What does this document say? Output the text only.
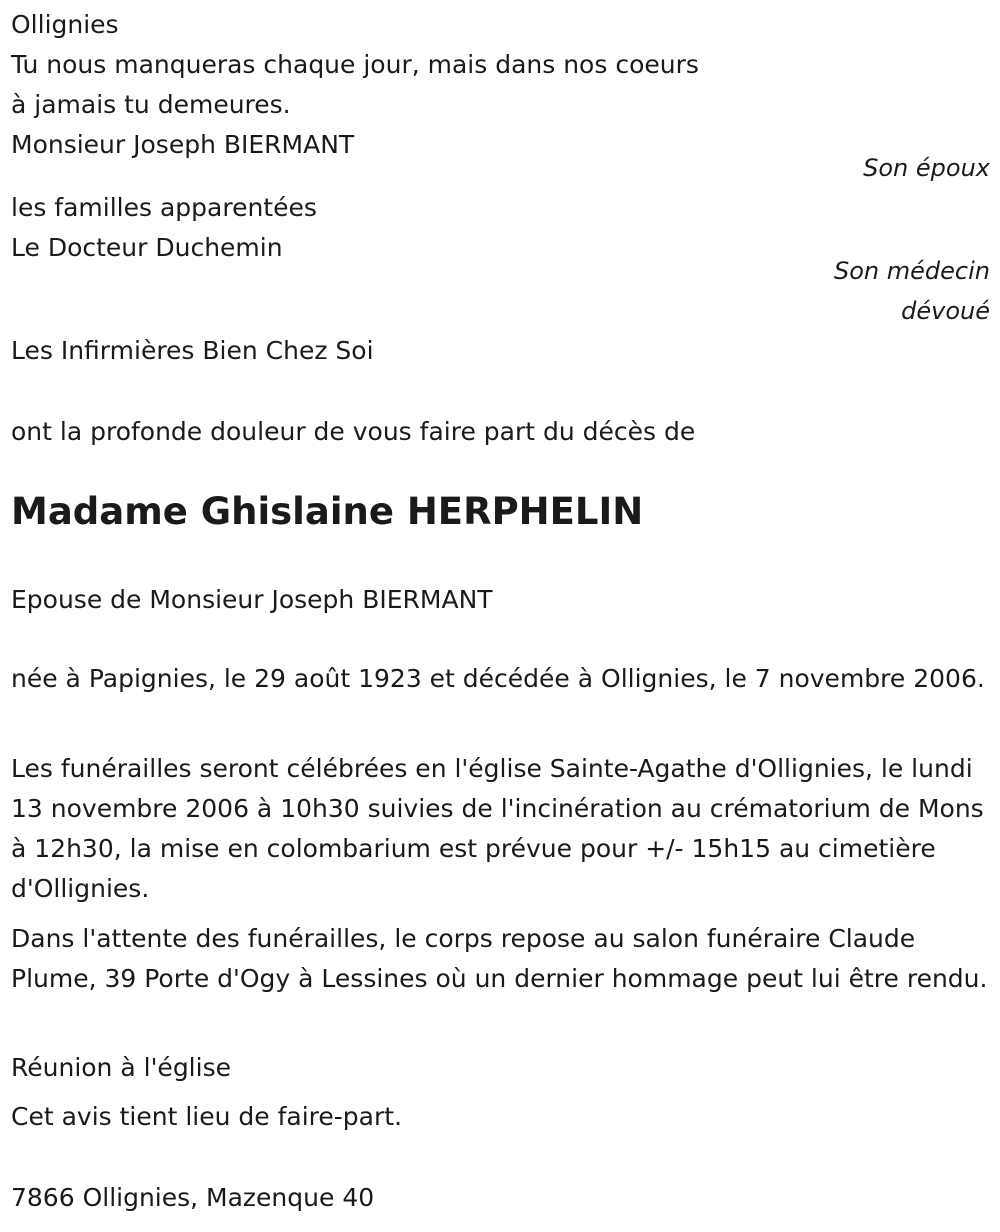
Ollignies
Tu nous manqueras chaque jour, mais dans nos coeurs
à jamais tu demeures.
Monsieur Joseph BIERMANT
Son époux
les familles apparentées
Le Docteur Duchemin
Son médecin
dévoué
Les Infirmières Bien Chez Soi
ont la profonde douleur de vous faire part du décès de
Madame Ghislaine HERPHELIN
Epouse de Monsieur Joseph BIERMANT
née à Papignies, le 29 août 1923 et décédée à Ollignies, le 7 novembre 2006.
Les funérailles seront célébrées en l'église Sainte-Agathe d'Ollignies, le lundi 13 novembre 2006 à 10h30 suivies de l'incinération au crématorium de Mons à 12h30, la mise en colombarium est prévue pour +/- 15h15 au cimetière d'Ollignies.
Dans l'attente des funérailles, le corps repose au salon funéraire Claude Plume, 39 Porte d'Ogy à Lessines où un dernier hommage peut lui être rendu.
Réunion à l'église
Cet avis tient lieu de faire-part.
7866 Ollignies, Mazenque 40
